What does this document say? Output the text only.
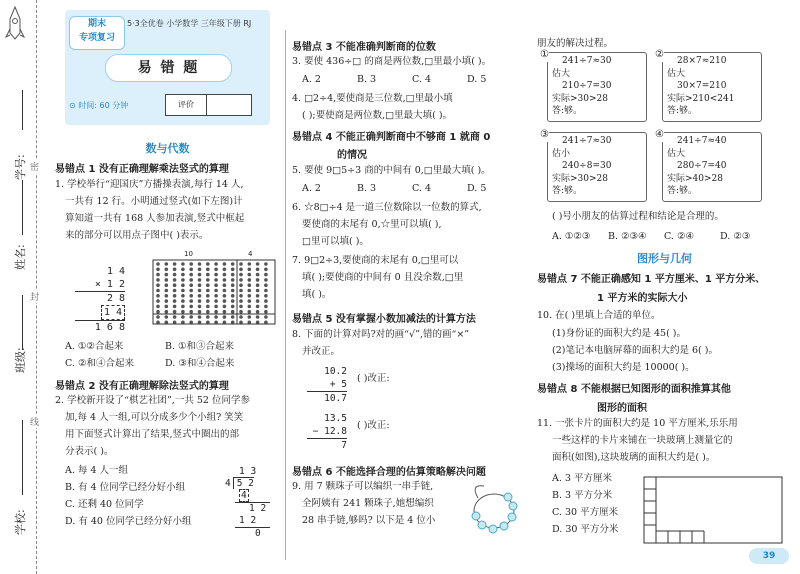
密
封
线
学号:
姓名:
班级:
学校:
期末
专项复习
5·3全优卷 小学数学 三年级下册 RJ
易 错 题
⊙ 时间: 60 分钟	评价
数与代数
易错点 1 没有正确理解乘法竖式的算理
1. 学校举行“迎国庆”方播操表演,每行 14 人,
一共有 12 行。小明通过竖式(如下左图)计
算知道一共有 168 人参加表演,竖式中框起
来的部分可以用点子图中( )表示。
1 4
× 1 2
2 8
1 4
1 6 8
10	4
A. ①②合起来	B. ①和③合起来 C. ②和④合起来	D. ③和④合起来
易错点 2 没有正确理解除法竖式的算理
2. 学校新开设了“棋艺社团”,一共 52 位同学参
加,每 4 人一组,可以分成多少个小组? 笑笑
用下面竖式计算出了结果,竖式中圈出的部
分表示( )。
A. 每 4 人一组
B. 有 4 位同学已经分好小组
C. 还剩 40 位同学
D. 有 40 位同学已经分好小组
1 3
4 5 2
4
1 2
1 2
0
易错点 3 不能准确判断商的位数
3. 要使 436÷□ 的商是两位数,□里最小填( )。
A. 2	B. 3	C. 4	D. 5
4. □2÷4,要使商是三位数,□里最小填
( );要使商是两位数,□里最大填( )。
易错点 4 不能正确判断商中不够商 1 就商 0
的情况
5. 要使 9□5÷3 商的中间有 0,□里最大填( )。
A. 2	B. 3	C. 4	D. 5
6. ☆8□÷4 是一道三位数除以一位数的算式,
要使商的末尾有 0,☆里可以填( ),
□里可以填( )。
7. 9□2÷3,要使商的末尾有 0,□里可以
填( );要使商的中间有 0 且没余数,□里
填( )。
易错点 5 没有掌握小数加减法的计算方法
8. 下面的计算对吗?对的画“√”,错的画“×”
并改正。
10.2
+ 5
10.7
( )改正:
13.5
− 12.8
7
( )改正:
易错点 6 不能选择合理的估算策略解决问题
9. 用 7 颗珠子可以编织一串手链,
全阿姨有 241 颗珠子,她想编织
28 串手链,够吗? 以下是 4 位小
朋友的解决过程。
①
241÷7≈30
估大
210÷7=30
实际>30>28
答:够。
②
28×7≈210
估大
30×7=210
实际>210<241
答:够。
③
241÷7≈30
估小
240÷8=30
实际>30>28
答:够。
④
241÷7≈40
估大
280÷7=40
实际>40>28
答:够。
( )号小朋友的估算过程和结论是合理的。
A. ①②③ B. ②③④ C. ②④	D. ②③
图形与几何
易错点 7 不能正确感知 1 平方厘米、1 平方分米、
1 平方米的实际大小
10. 在( )里填上合适的单位。
(1)身份证的面积大约是 45( )。
(2)笔记本电脑屏幕的面积大约是 6( )。
(3)操场的面积大约是 10000( )。
易错点 8 不能根据已知图形的面积推算其他
图形的面积
11. 一张卡片的面积大约是 10 平方厘米,乐乐用
一些这样的卡片来铺在一块玻璃上测量它的
面积(如图),这块玻璃的面积大约是( )。
A. 3 平方厘米
B. 3 平方分米
C. 30 平方厘米
D. 30 平方分米
39
